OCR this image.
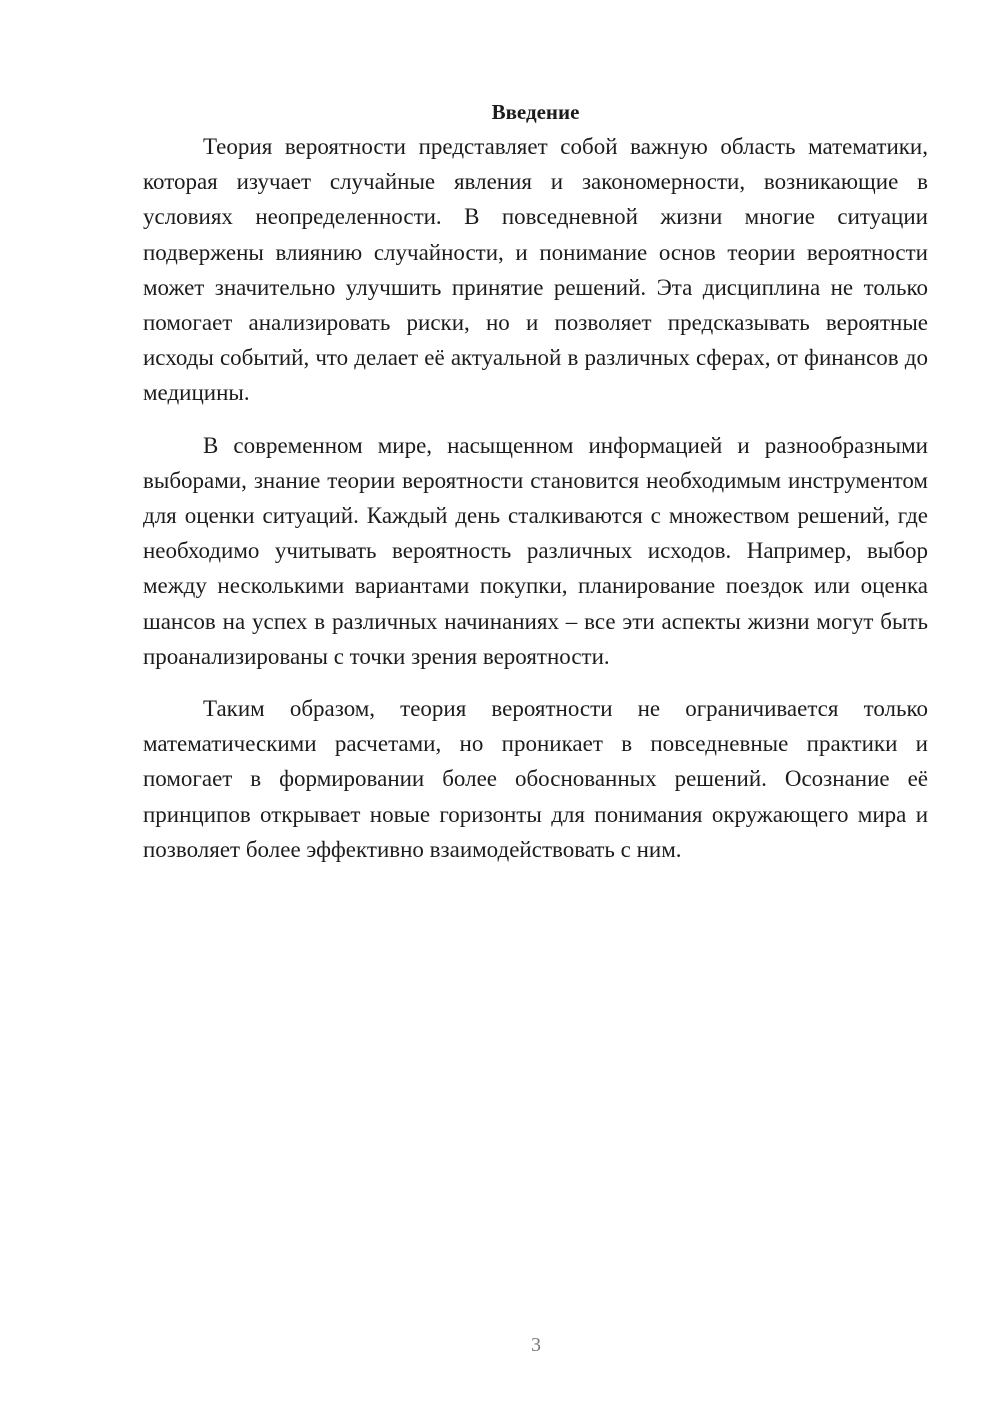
Введение

Теория вероятности представляет собой важную область математики, которая изучает случайные явления и закономерности, возникающие в условиях неопределенности. В повседневной жизни многие ситуации подвержены влиянию случайности, и понимание основ теории вероятности может значительно улучшить принятие решений. Эта дисциплина не только помогает анализировать риски, но и позволяет предсказывать вероятные исходы событий, что делает её актуальной в различных сферах, от финансов до медицины.

В современном мире, насыщенном информацией и разнообразными выборами, знание теории вероятности становится необходимым инструментом для оценки ситуаций. Каждый день сталкиваются с множеством решений, где необходимо учитывать вероятность различных исходов. Например, выбор между несколькими вариантами покупки, планирование поездок или оценка шансов на успех в различных начинаниях – все эти аспекты жизни могут быть проанализированы с точки зрения вероятности.

Таким образом, теория вероятности не ограничивается только математическими расчетами, но проникает в повседневные практики и помогает в формировании более обоснованных решений. Осознание её принципов открывает новые горизонты для понимания окружающего мира и позволяет более эффективно взаимодействовать с ним.

3
